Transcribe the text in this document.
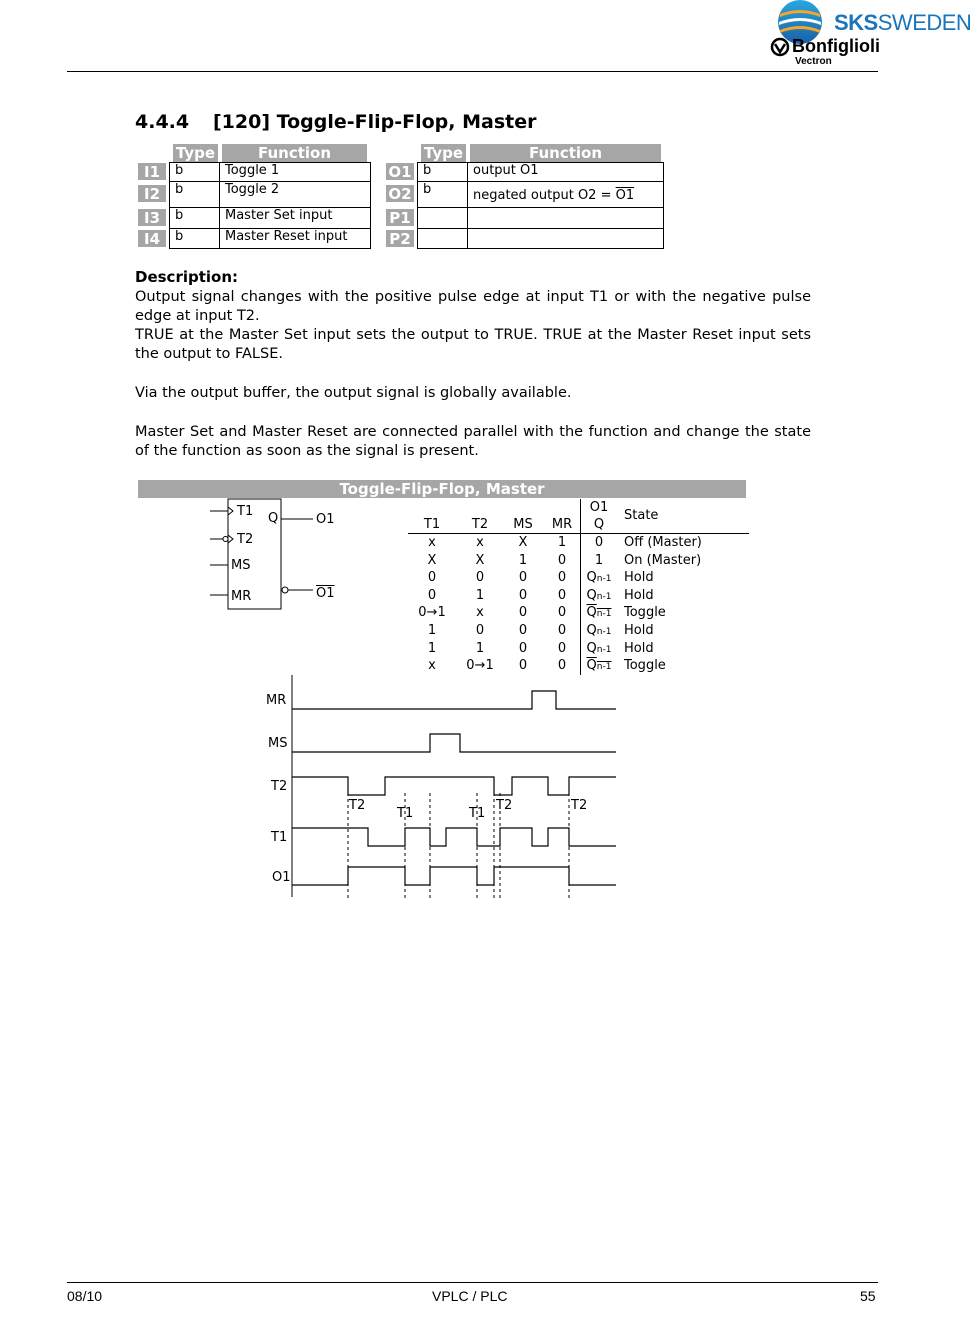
SKSSWEDEN
Bonfiglioli
Vectron
4.4.4 [120] Toggle-Flip-Flop, Master
Type	Function	Type	Function
I1	b	Toggle 1
I2	b	Toggle 2
I3	b	Master Set input
I4	b	Master Reset input
O1 b	output O1
O2 b	negated output O2 = O1
P1
P2
Description:
Output signal changes with the positive pulse edge at input T1 or with the negative pulse edge at input T2.
TRUE at the Master Set input sets the output to TRUE. TRUE at the Master Reset input sets the output to FALSE.
Via the output buffer, the output signal is globally available.
Master Set and Master Reset are connected parallel with the function and change the state of the function as soon as the signal is present.
Toggle-Flip-Flop, Master
T1
T2
MS
MR
Q	O1
O1
T1	T2	MS	MR
O1
Q
State
x	x	X	1	0	Off (Master)
X	X	1	0	1	On (Master)
0	0	0	0	Qn-1 Hold
0	1	0	0	Qn-1 Hold
0→1	x	0	0	Qn-1 Toggle
1	0	0	0	Qn-1 Hold
1	1	0	0	Qn-1 Hold
x	0→1	0	0	Qn-1 Toggle
MR
MS
T2
T1
O1
T2
T1	T1
T2	T2
08/10	VPLC / PLC	55
